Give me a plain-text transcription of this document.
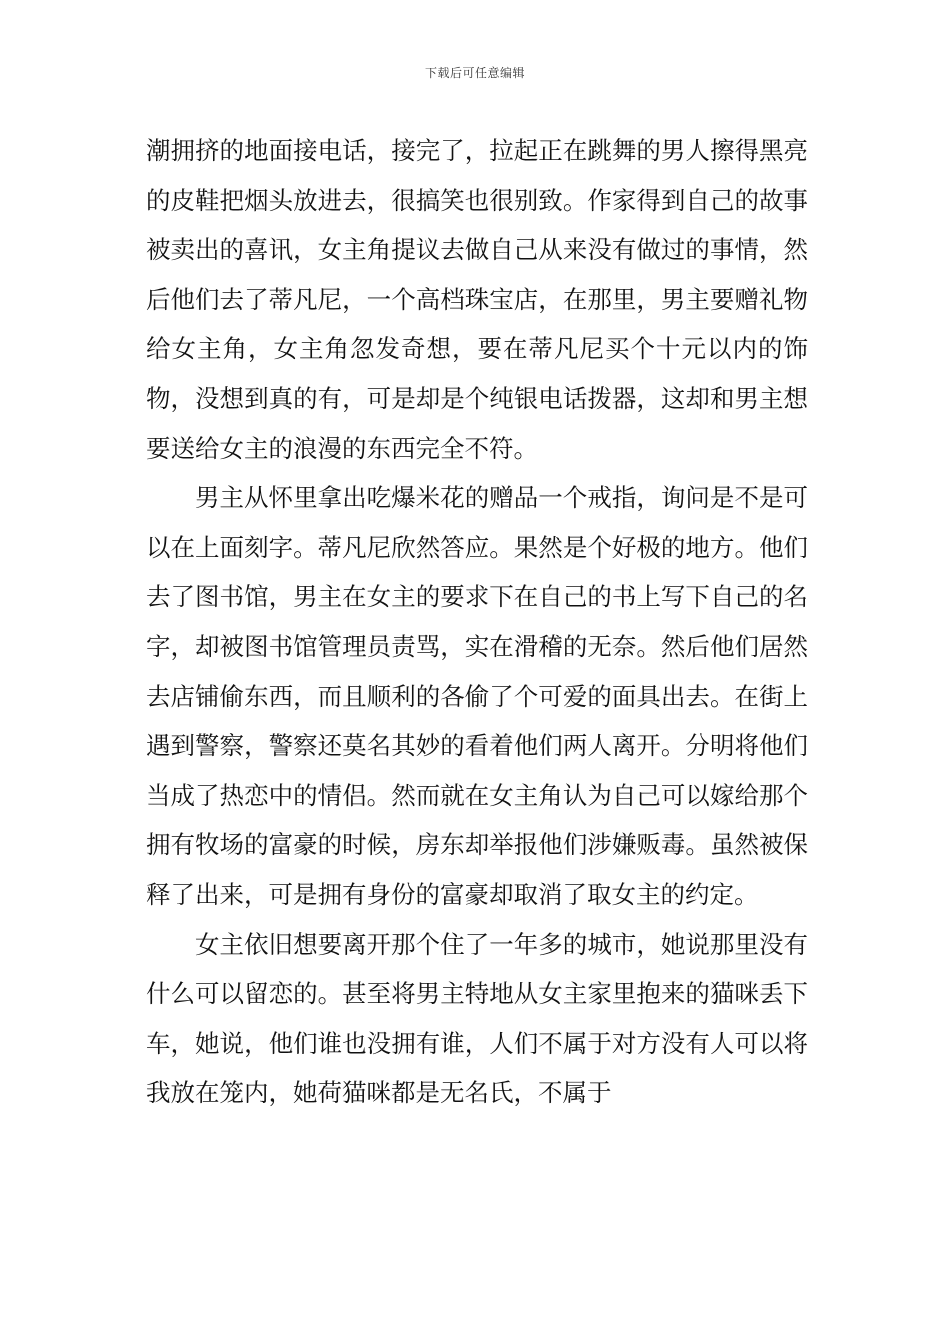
下载后可任意编辑

潮拥挤的地面接电话，接完了，拉起正在跳舞的男人擦得黑亮的皮鞋把烟头放进去，很搞笑也很别致。作家得到自己的故事被卖出的喜讯，女主角提议去做自己从来没有做过的事情，然后他们去了蒂凡尼，一个高档珠宝店，在那里，男主要赠礼物给女主角，女主角忽发奇想，要在蒂凡尼买个十元以内的饰物，没想到真的有，可是却是个纯银电话拨器，这却和男主想要送给女主的浪漫的东西完全不符。

男主从怀里拿出吃爆米花的赠品一个戒指，询问是不是可以在上面刻字。蒂凡尼欣然答应。果然是个好极的地方。他们去了图书馆，男主在女主的要求下在自己的书上写下自己的名字，却被图书馆管理员责骂，实在滑稽的无奈。然后他们居然去店铺偷东西，而且顺利的各偷了个可爱的面具出去。在街上遇到警察，警察还莫名其妙的看着他们两人离开。分明将他们当成了热恋中的情侣。然而就在女主角认为自己可以嫁给那个拥有牧场的富豪的时候，房东却举报他们涉嫌贩毒。虽然被保释了出来，可是拥有身份的富豪却取消了取女主的约定。

女主依旧想要离开那个住了一年多的城市，她说那里没有什么可以留恋的。甚至将男主特地从女主家里抱来的猫咪丢下车，她说，他们谁也没拥有谁，人们不属于对方没有人可以将我放在笼内，她荷猫咪都是无名氏，不属于
